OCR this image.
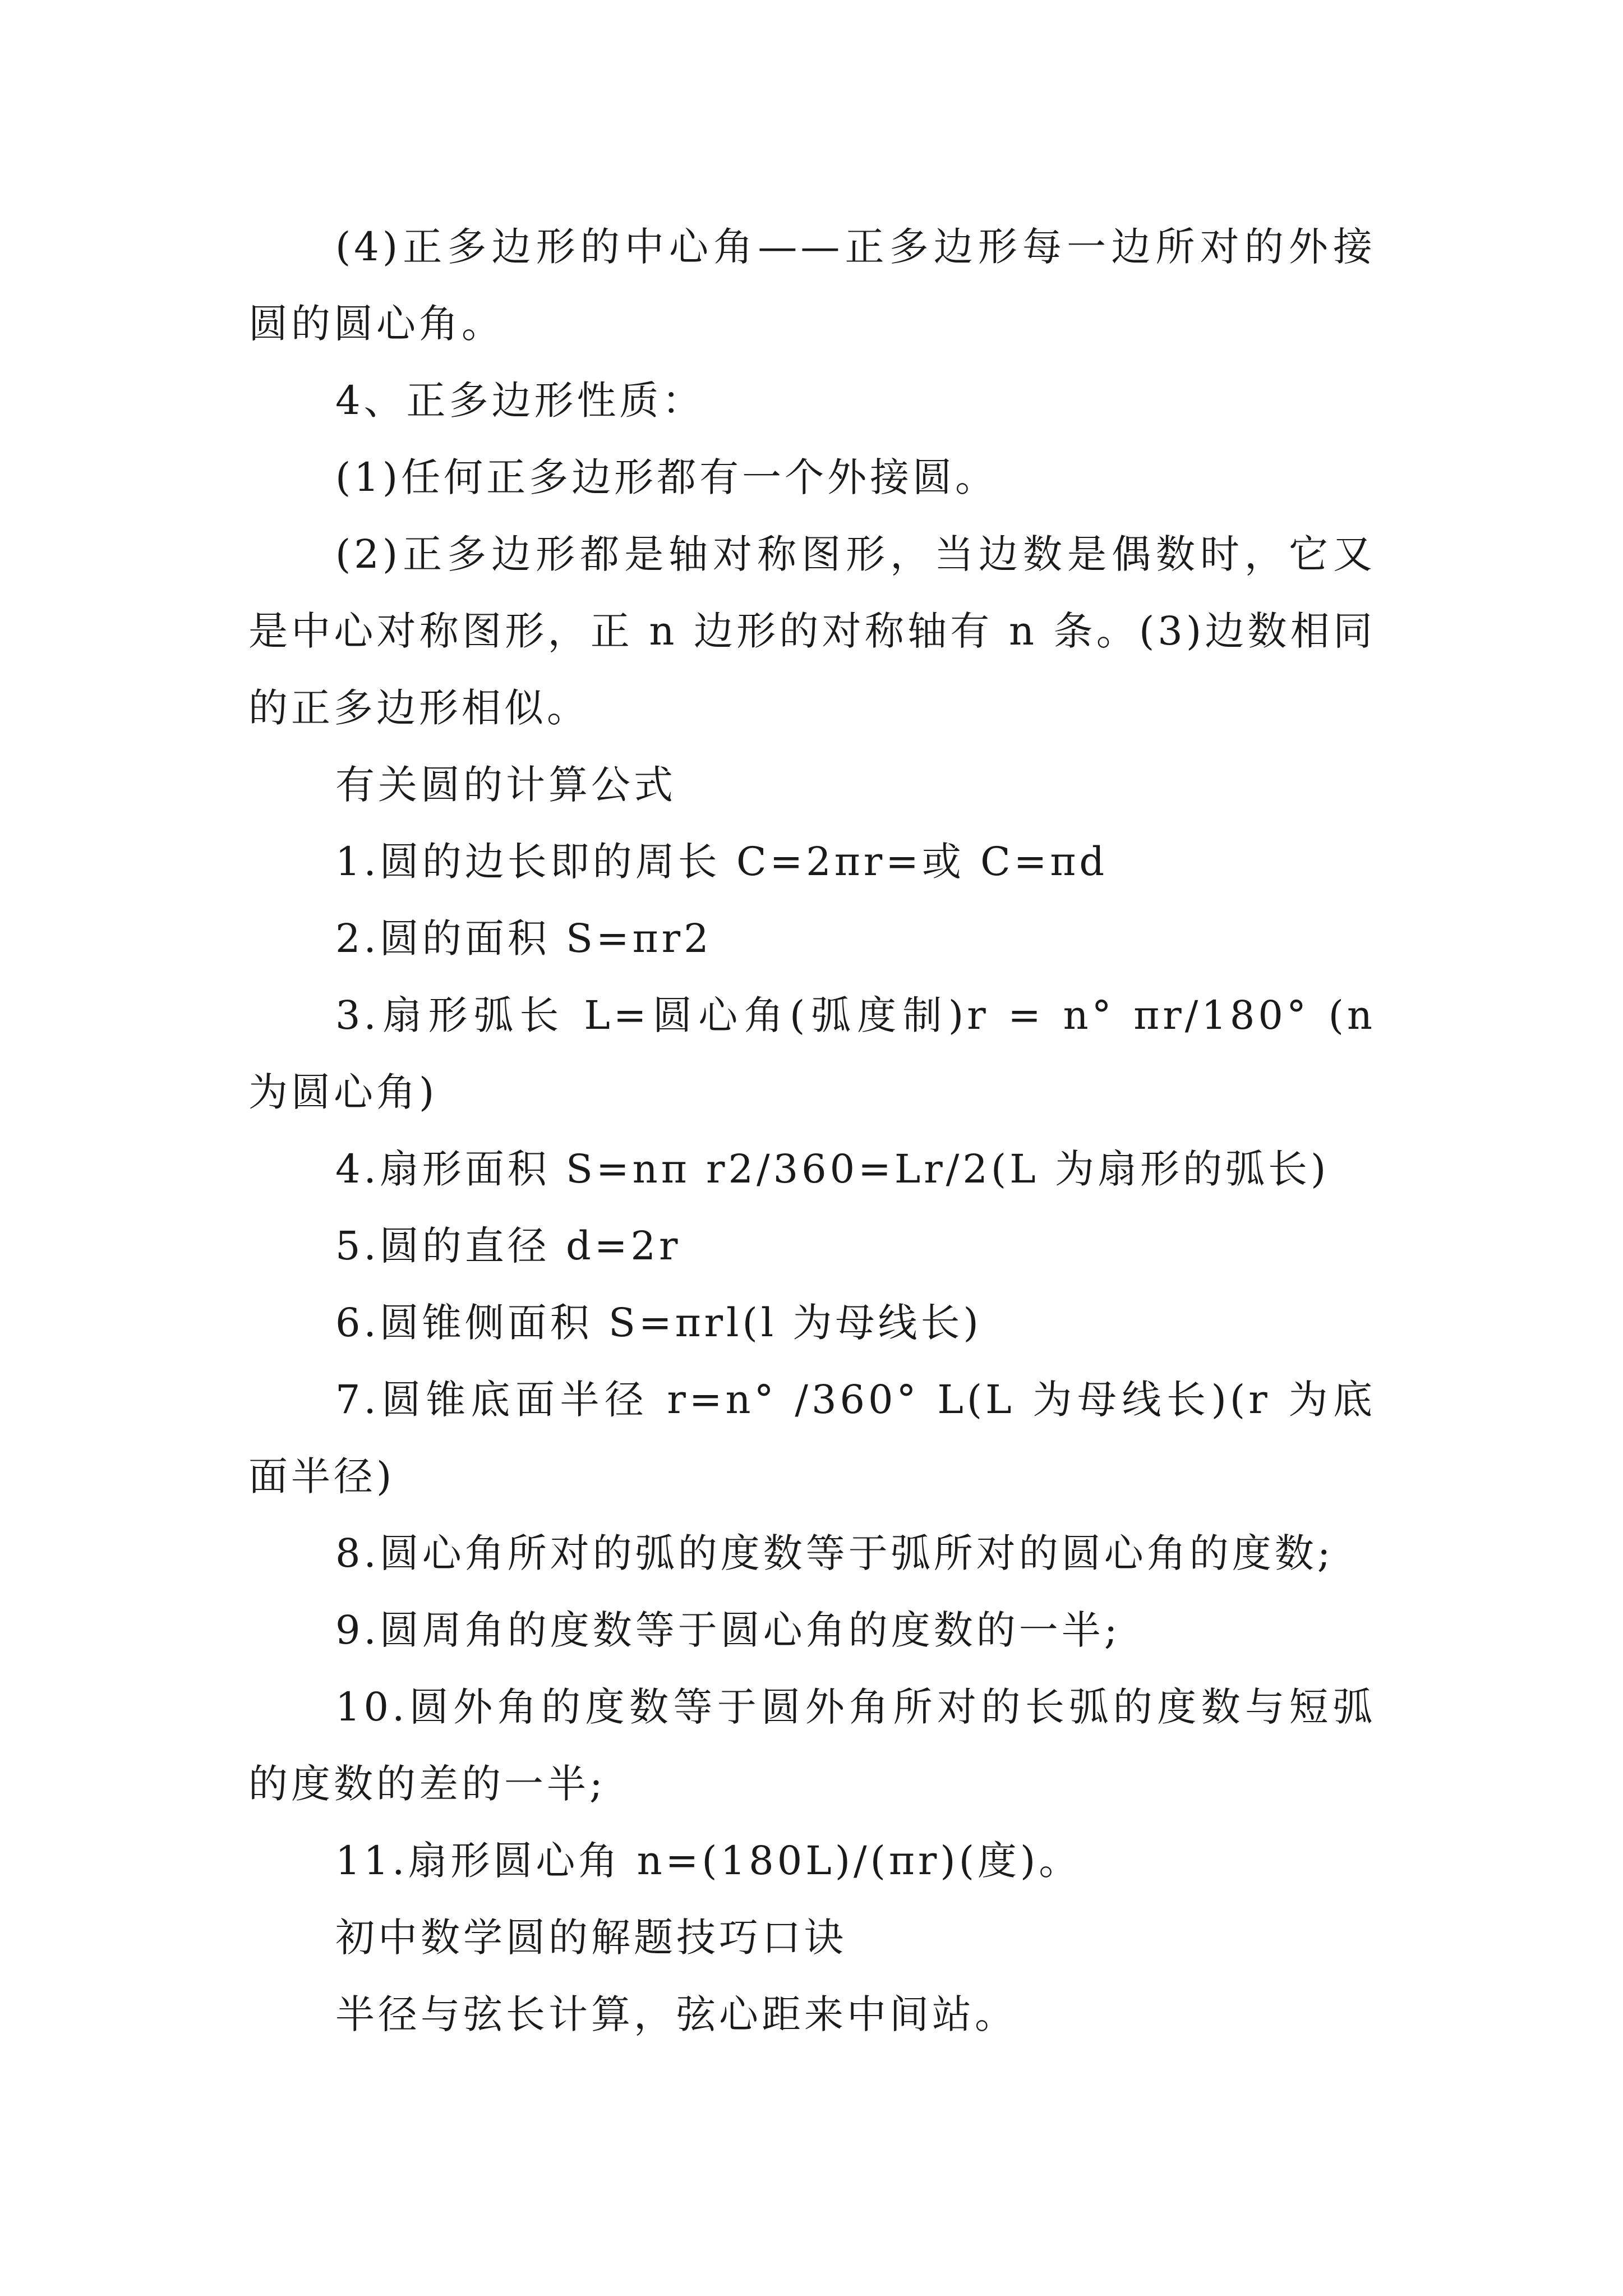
(4)正多边形的中心角——正多边形每一边所对的外接圆的圆心角。

4、正多边形性质：

(1)任何正多边形都有一个外接圆。

(2)正多边形都是轴对称图形，当边数是偶数时，它又是中心对称图形，正 n 边形的对称轴有 n 条。(3)边数相同的正多边形相似。

有关圆的计算公式

1.圆的边长即的周长 C=2πr=或 C=πd

2.圆的面积 S=πr2

3.扇形弧长 L=圆心角(弧度制)r = n° πr/180° (n 为圆心角)

4.扇形面积 S=nπ r2/360=Lr/2(L 为扇形的弧长)

5.圆的直径 d=2r

6.圆锥侧面积 S=πrl(l 为母线长)

7.圆锥底面半径 r=n° /360° L(L 为母线长)(r 为底面半径)

8.圆心角所对的弧的度数等于弧所对的圆心角的度数;

9.圆周角的度数等于圆心角的度数的一半;

10.圆外角的度数等于圆外角所对的长弧的度数与短弧的度数的差的一半;

11.扇形圆心角 n=(180L)/(πr)(度)。

初中数学圆的解题技巧口诀

半径与弦长计算，弦心距来中间站。
